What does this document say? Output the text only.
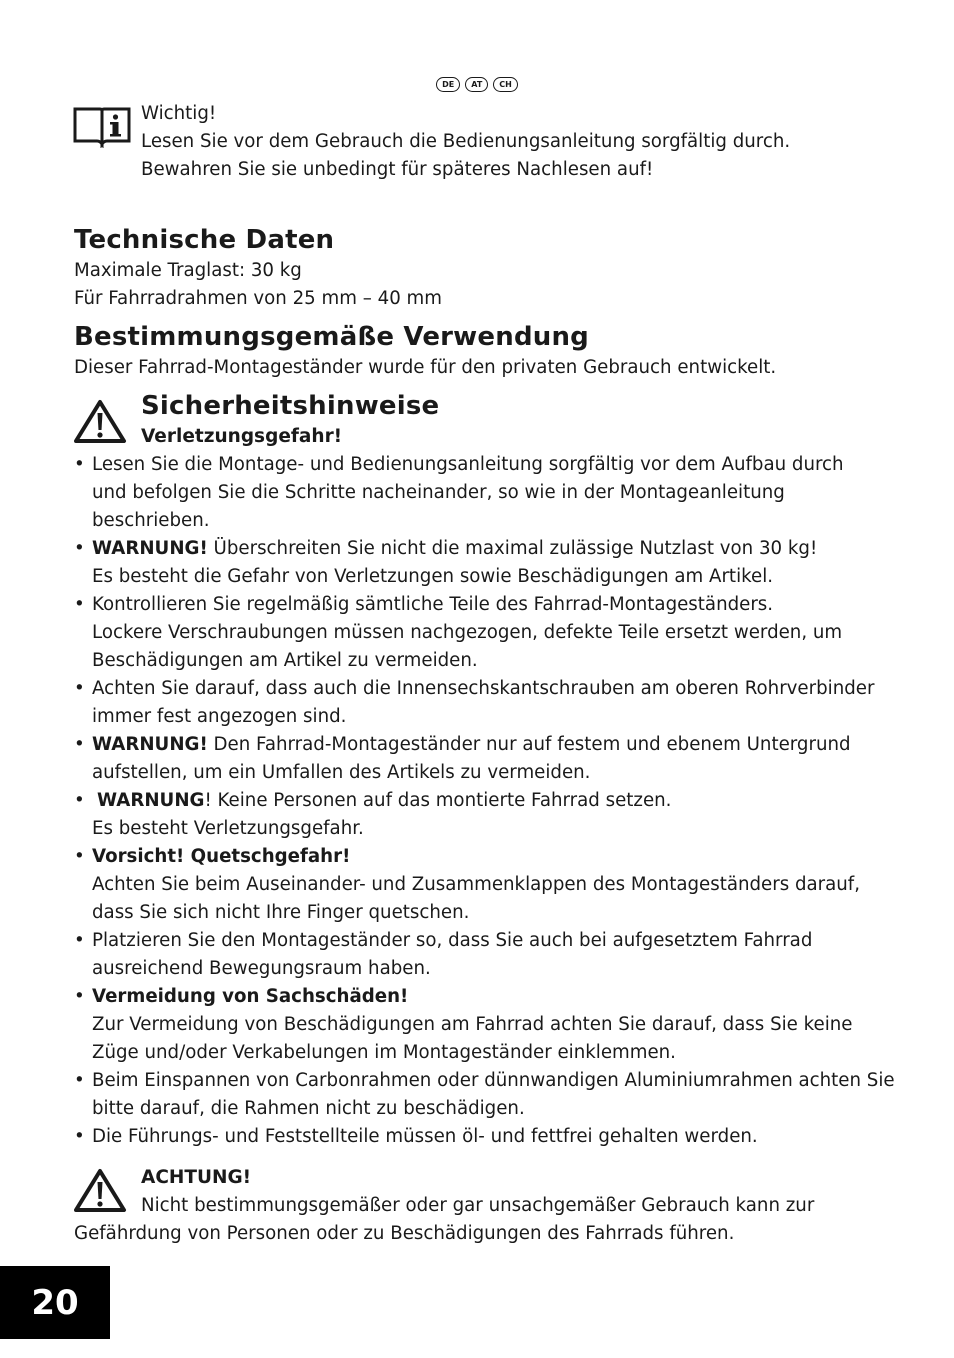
DE	AT	CH
Wichtig!
Lesen Sie vor dem Gebrauch die Bedienungsanleitung sorgfältig durch.
Bewahren Sie sie unbedingt für späteres Nachlesen auf!
Technische Daten
Maximale Traglast: 30 kg
Für Fahrradrahmen von 25 mm – 40 mm
Bestimmungsgemäße Verwendung
Dieser Fahrrad-Montageständer wurde für den privaten Gebrauch entwickelt.
Sicherheitshinweise
Verletzungsgefahr!
• Lesen Sie die Montage- und Bedienungsanleitung sorgfältig vor dem Aufbau durch
und befolgen Sie die Schritte nacheinander, so wie in der Montageanleitung
beschrieben.
• WARNUNG! Überschreiten Sie nicht die maximal zulässige Nutzlast von 30 kg!
Es besteht die Gefahr von Verletzungen sowie Beschädigungen am Artikel.
• Kontrollieren Sie regelmäßig sämtliche Teile des Fahrrad-Montageständers.
Lockere Verschraubungen müssen nachgezogen, defekte Teile ersetzt werden, um
Beschädigungen am Artikel zu vermeiden.
• Achten Sie darauf, dass auch die Innensechskantschrauben am oberen Rohrverbinder
immer fest angezogen sind.
• WARNUNG! Den Fahrrad-Montageständer nur auf festem und ebenem Untergrund
aufstellen, um ein Umfallen des Artikels zu vermeiden.
• WARNUNG! Keine Personen auf das montierte Fahrrad setzen.
Es besteht Verletzungsgefahr.
• Vorsicht! Quetschgefahr!
Achten Sie beim Auseinander- und Zusammenklappen des Montageständers darauf,
dass Sie sich nicht Ihre Finger quetschen.
• Platzieren Sie den Montageständer so, dass Sie auch bei aufgesetztem Fahrrad
ausreichend Bewegungsraum haben.
• Vermeidung von Sachschäden!
Zur Vermeidung von Beschädigungen am Fahrrad achten Sie darauf, dass Sie keine
Züge und/oder Verkabelungen im Montageständer einklemmen.
• Beim Einspannen von Carbonrahmen oder dünnwandigen Aluminiumrahmen achten Sie
bitte darauf, die Rahmen nicht zu beschädigen.
• Die Führungs- und Feststellteile müssen öl- und fettfrei gehalten werden.
ACHTUNG!
Nicht bestimmungsgemäßer oder gar unsachgemäßer Gebrauch kann zur
Gefährdung von Personen oder zu Beschädigungen des Fahrrads führen.
20
